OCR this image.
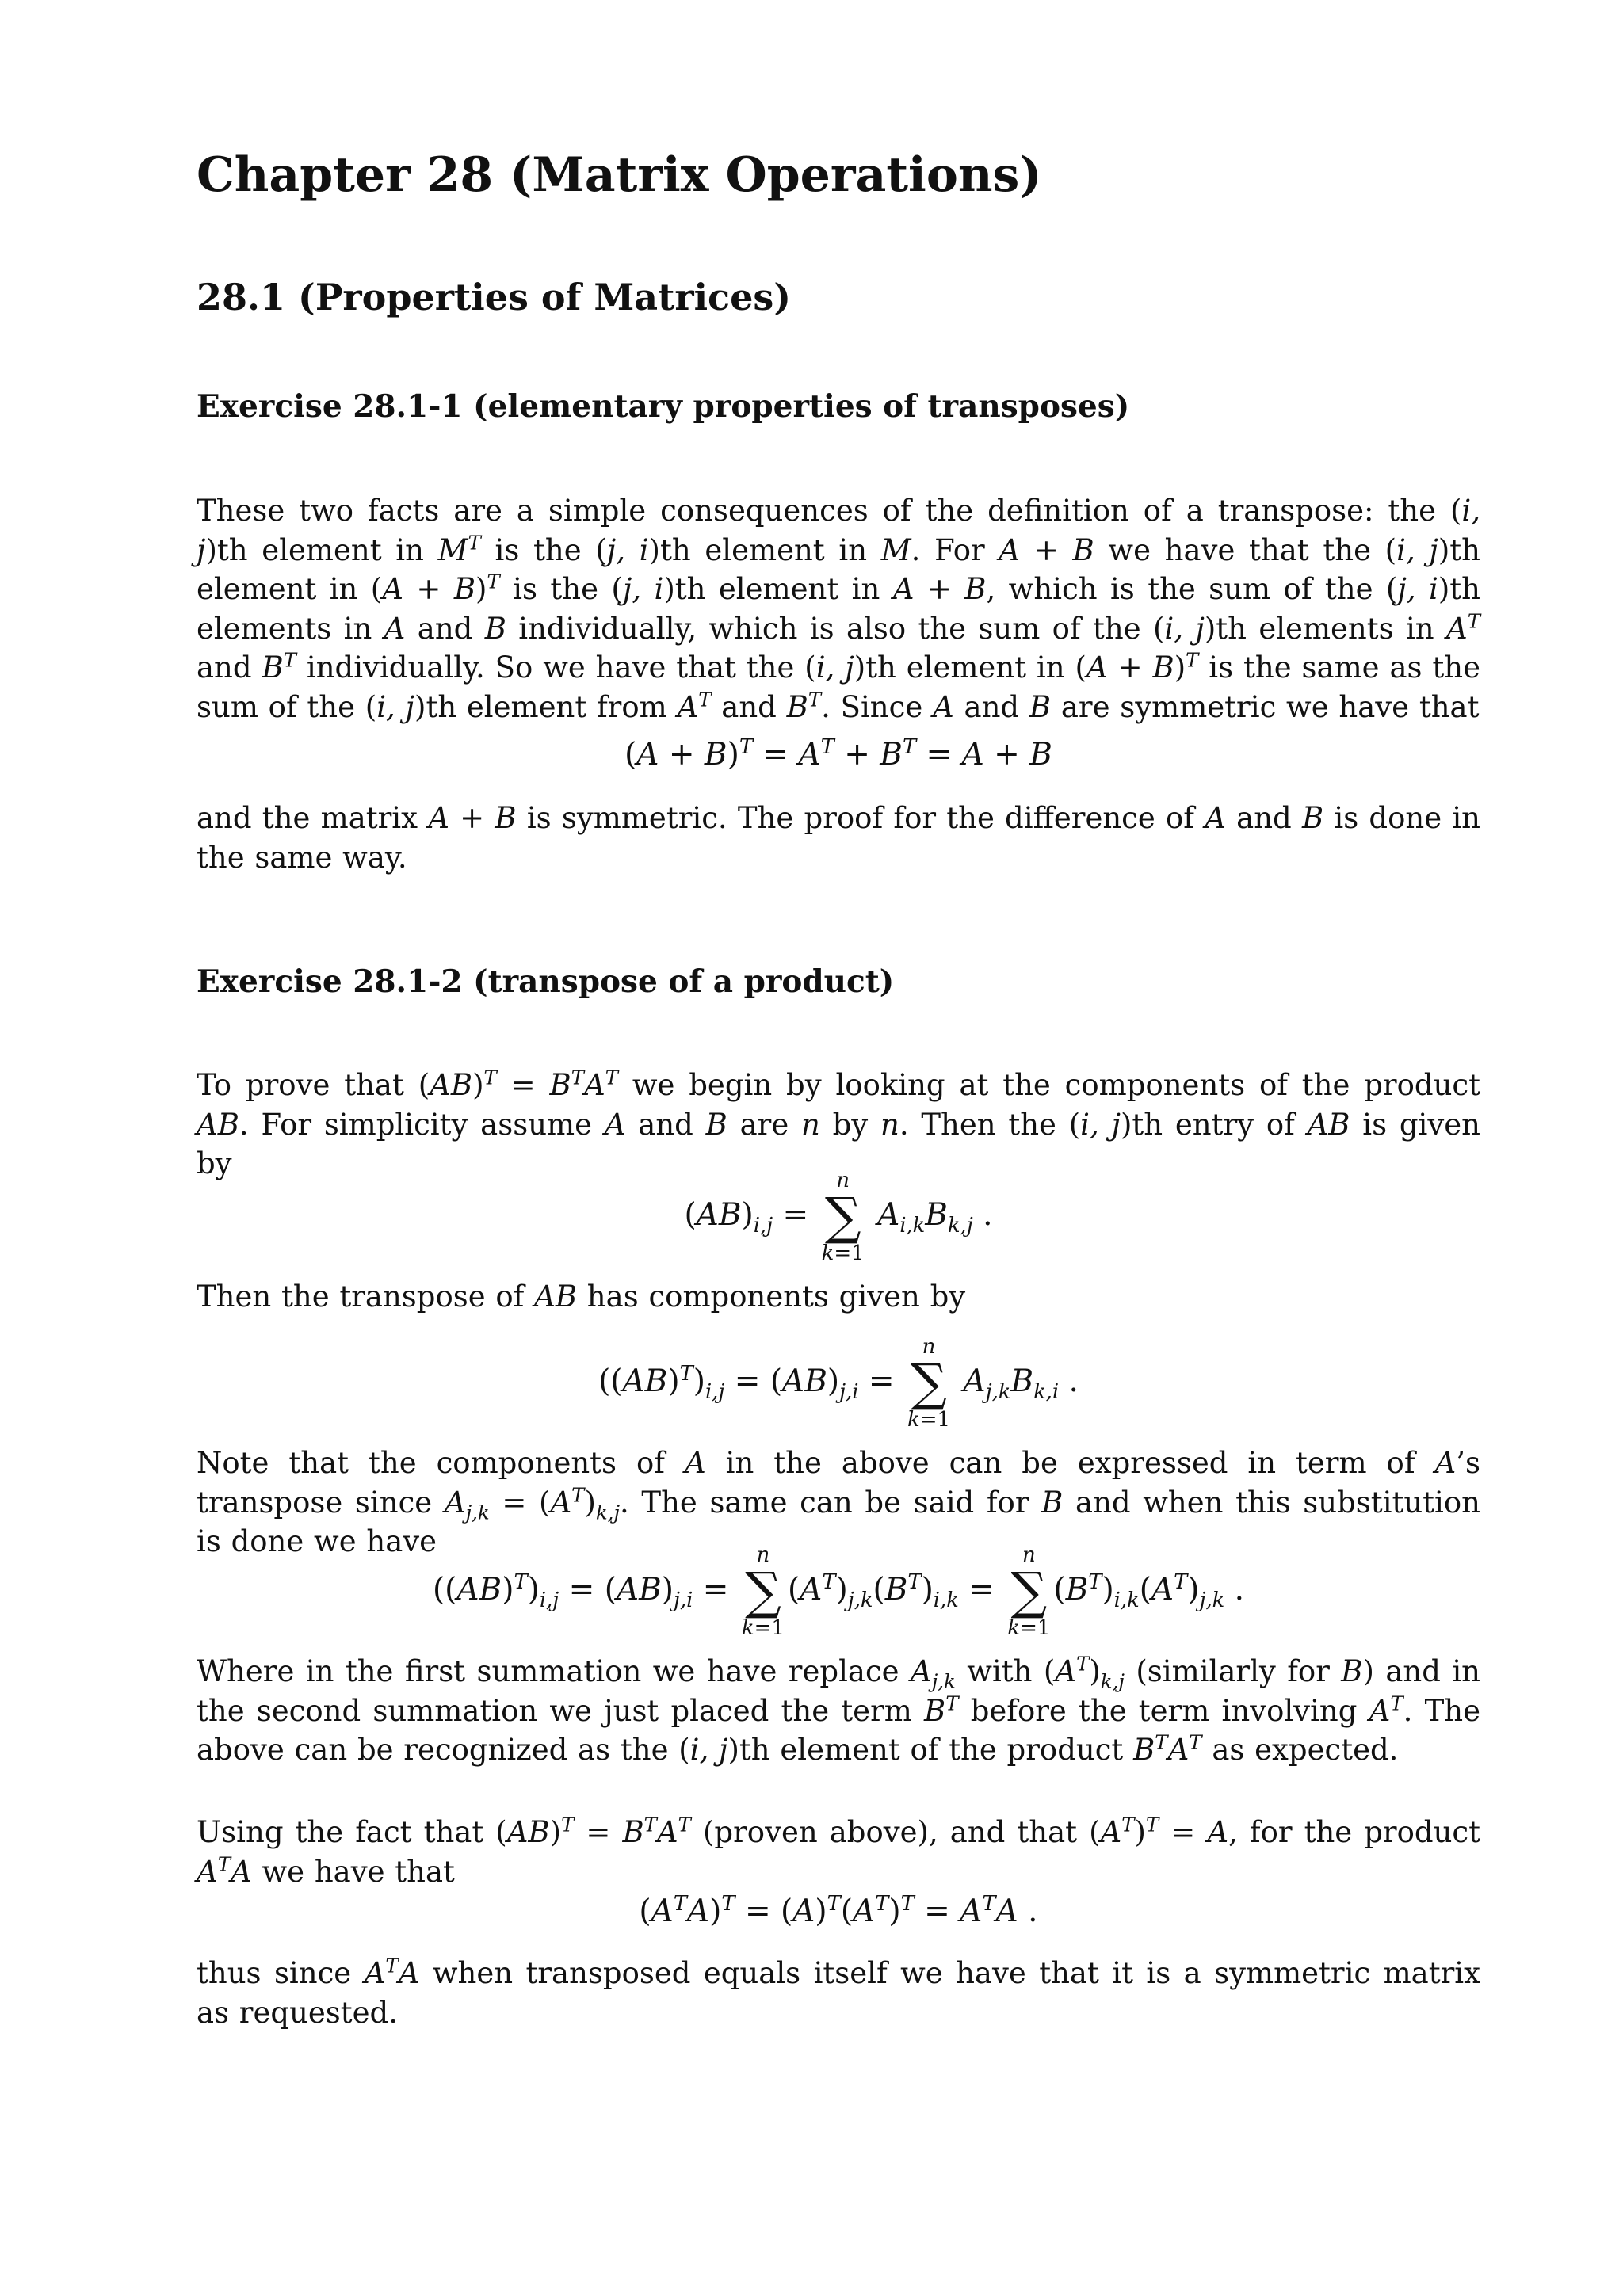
Chapter 28 (Matrix Operations)
28.1 (Properties of Matrices)
Exercise 28.1-1 (elementary properties of transposes)

These two facts are a simple consequences of the definition of a transpose: the (i, j)th element in $M^T$ is the (j, i)th element in M. For A + B we have that the (i, j)th element in $(A + B)^T$ is the (j, i)th element in A + B, which is the sum of the (j, i)th elements in A and B individually, which is also the sum of the (i, j)th elements in $A^T$ and $B^T$ individually. So we have that the (i, j)th element in $(A + B)^T$ is the same as the sum of the (i, j)th element from $A^T$ and $B^T$. Since A and B are symmetric we have that

$(A + B)^T = A^T + B^T = A + B$

and the matrix A + B is symmetric. The proof for the difference of A and B is done in the same way.

Exercise 28.1-2 (transpose of a product)

To prove that $(AB)^T = B^TA^T$ we begin by looking at the components of the product AB. For simplicity assume A and B are n by n. Then the (i, j)th entry of AB is given by

$(AB)_{i,j}$ =
n
∑
k=1
$A_{i,k}B_{k,j}$ .

Then the transpose of AB has components given by

$((AB)^T)_{i,j} = (AB)_{j,i}$ =
n
∑
k=1
$A_{j,k}B_{k,i}$ .

Note that the components of A in the above can be expressed in term of A’s transpose since $A_{j,k} = (A^T)_{k,j}$. The same can be said for B and when this substitution is done we have

$((AB)^T)_{i,j} = (AB)_{j,i}$ =
n
∑
k=1
$(A^T)_{j,k}(B^T)_{i,k}$ =
n
∑
k=1
$(B^T)_{i,k}(A^T)_{j,k}$ .

Where in the first summation we have replace $A_{j,k}$ with $(A^T)_{k,j}$ (similarly for B) and in the second summation we just placed the term $B^T$ before the term involving $A^T$. The above can be recognized as the (i, j)th element of the product $B^TA^T$ as expected.

Using the fact that $(AB)^T = B^TA^T$ (proven above), and that $(A^T)^T = A$, for the product $A^TA$ we have that

$(A^TA)^T = (A)^T(A^T)^T = A^TA$ .

thus since $A^TA$ when transposed equals itself we have that it is a symmetric matrix as requested.
